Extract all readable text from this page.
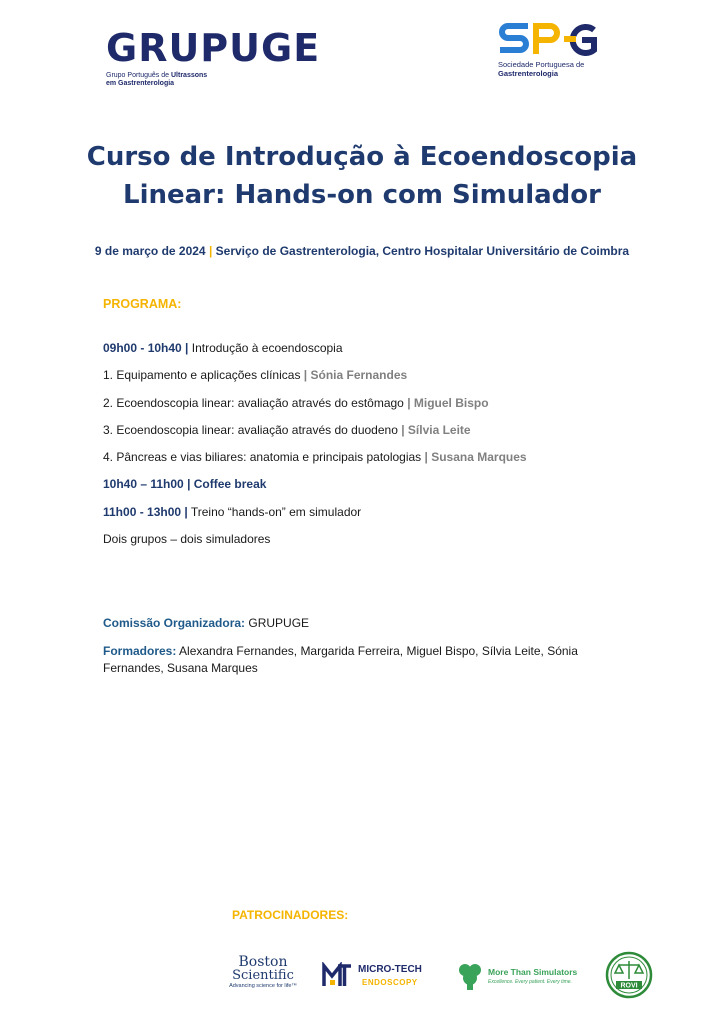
GRUPUGE
Grupo Português de Ultrassons
em Gastrenterologia
Sociedade Portuguesa de
Gastrenterologia
Curso de Introdução à Ecoendoscopia
Linear: Hands-on com Simulador
9 de março de 2024 | Serviço de Gastrenterologia, Centro Hospitalar Universitário de Coimbra
PROGRAMA:
09h00 - 10h40 | Introdução à ecoendoscopia
1. Equipamento e aplicações clínicas | Sónia Fernandes
2. Ecoendoscopia linear: avaliação através do estômago | Miguel Bispo
3. Ecoendoscopia linear: avaliação através do duodeno | Sílvia Leite
4. Pâncreas e vias biliares: anatomia e principais patologias | Susana Marques
10h40 – 11h00 | Coffee break
11h00 - 13h00 | Treino “hands-on” em simulador
Dois grupos – dois simuladores
Comissão Organizadora: GRUPUGE
Formadores: Alexandra Fernandes, Margarida Ferreira, Miguel Bispo, Sílvia Leite, Sónia Fernandes, Susana Marques
PATROCINADORES:
Boston
Scientific
Advancing science for life™
MICRO-TECH
ENDOSCOPY
More Than Simulators
Excellence. Every patient. Every time.
ROVI
